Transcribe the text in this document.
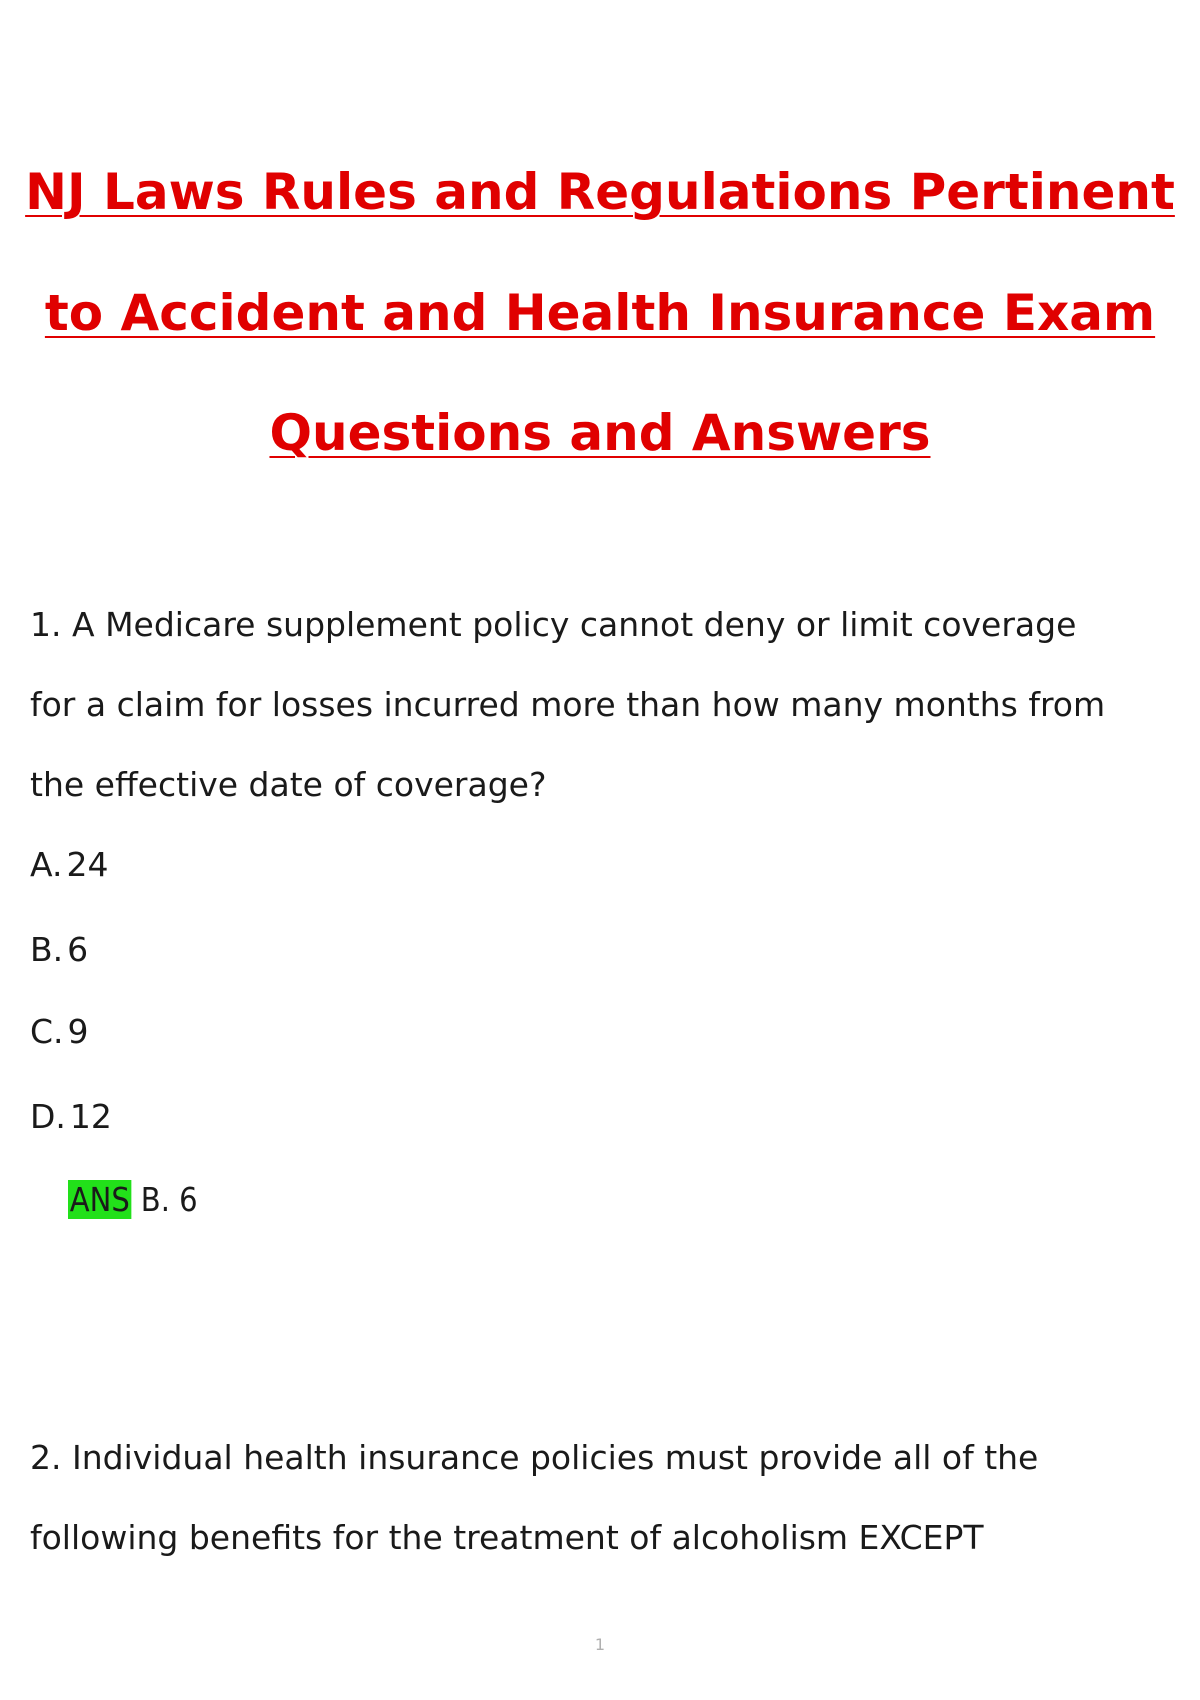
NJ Laws Rules and Regulations Pertinent
to Accident and Health Insurance Exam
Questions and Answers
1. A Medicare supplement policy cannot deny or limit coverage
for a claim for losses incurred more than how many months from
the effective date of coverage?
A. 24
B. 6
C. 9
D. 12
ANS B. 6
2. Individual health insurance policies must provide all of the
following benefits for the treatment of alcoholism EXCEPT
1
